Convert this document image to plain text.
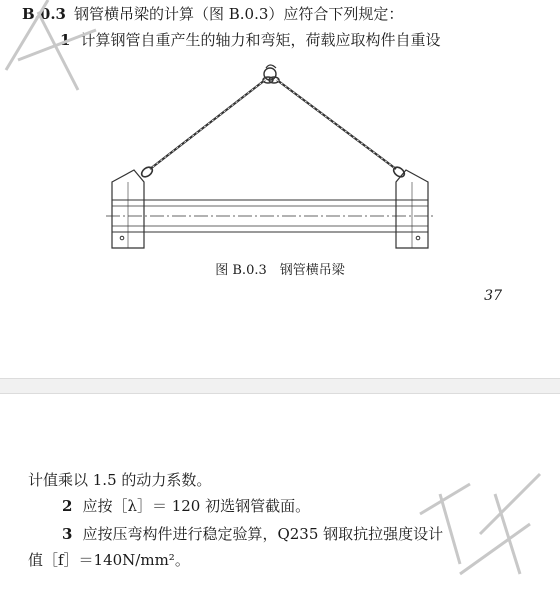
B.0.3 钢管横吊梁的计算（图 B.0.3）应符合下列规定：
1 计算钢管自重产生的轴力和弯矩，荷载应取构件自重设
图 B.0.3　钢管横吊梁
37
计值乘以 1.5 的动力系数。
2 应按［λ］＝ 120 初选钢管截面。
3 应按压弯构件进行稳定验算，Q235 钢取抗拉强度设计
值［f］＝140N/mm²。
